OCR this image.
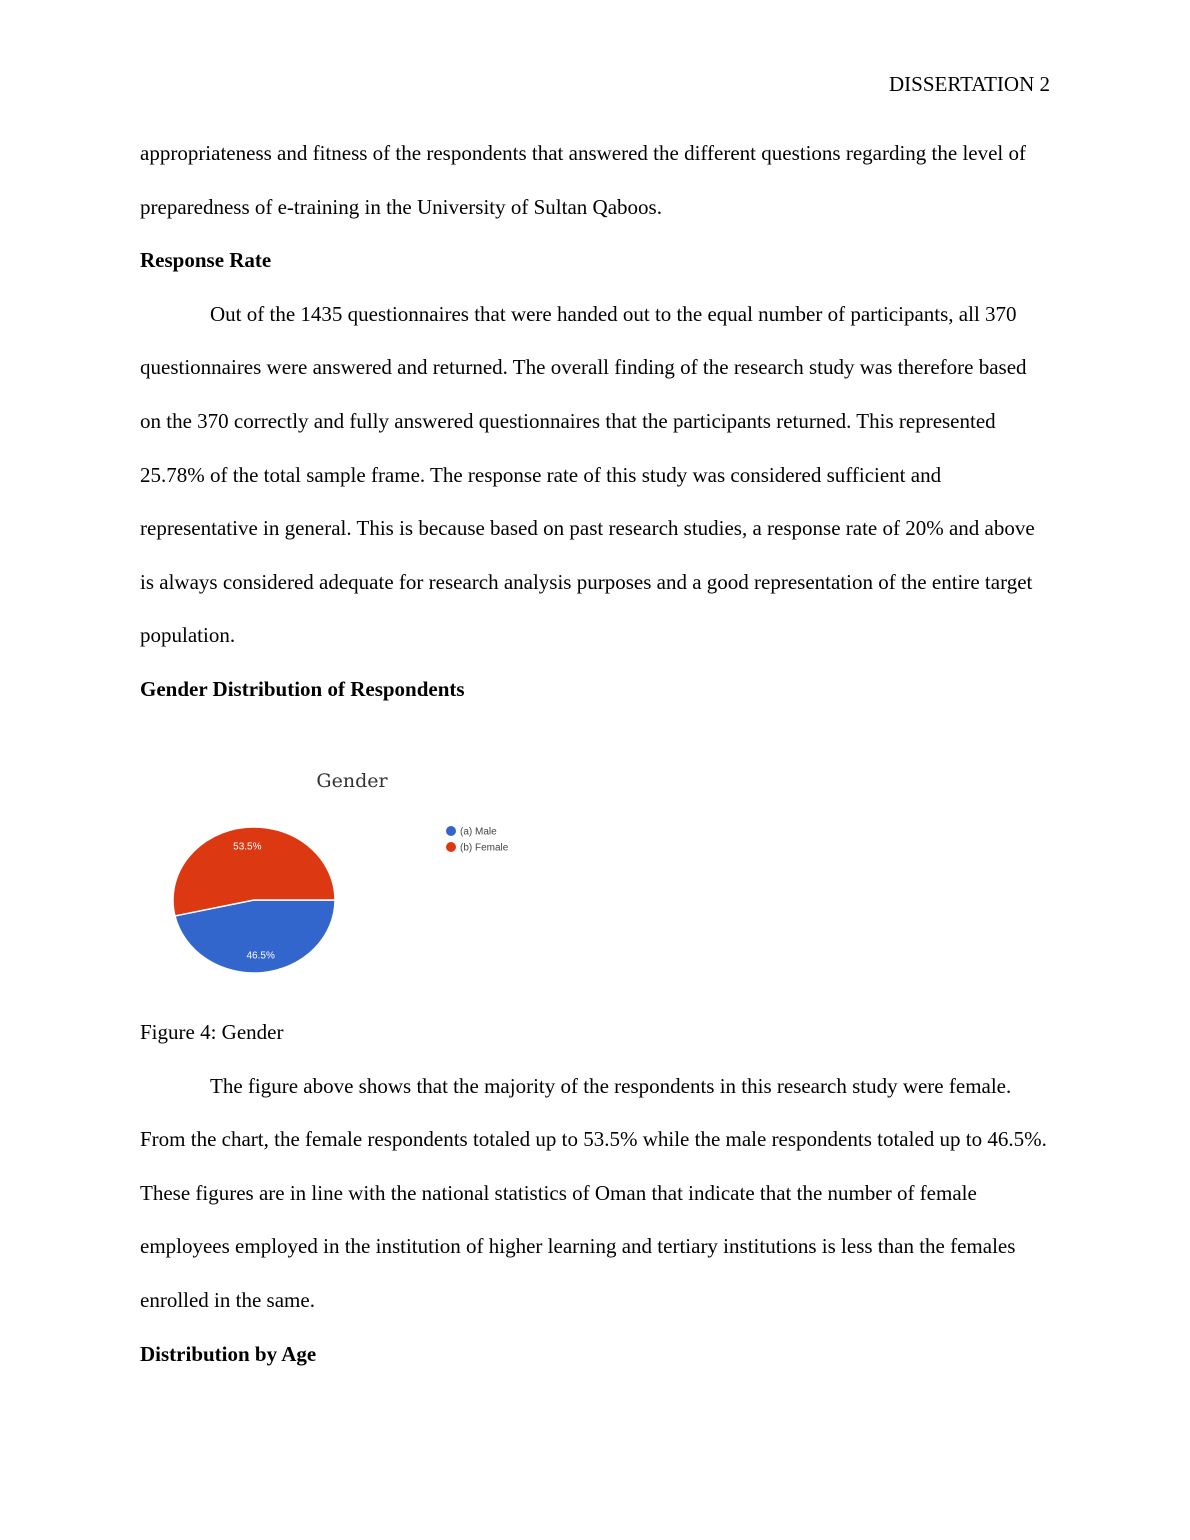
DISSERTATION 2

appropriateness and fitness of the respondents that answered the different questions regarding the level of preparedness of e-training in the University of Sultan Qaboos.

Response Rate

Out of the 1435 questionnaires that were handed out to the equal number of participants, all 370 questionnaires were answered and returned. The overall finding of the research study was therefore based on the 370 correctly and fully answered questionnaires that the participants returned. This represented 25.78% of the total sample frame. The response rate of this study was considered sufficient and representative in general. This is because based on past research studies, a response rate of 20% and above is always considered adequate for research analysis purposes and a good representation of the entire target population.

Gender Distribution of Respondents

Gender
46.5%
53.5%
(a) Male
(b) Female

Figure 4: Gender

The figure above shows that the majority of the respondents in this research study were female. From the chart, the female respondents totaled up to 53.5% while the male respondents totaled up to 46.5%. These figures are in line with the national statistics of Oman that indicate that the number of female employees employed in the institution of higher learning and tertiary institutions is less than the females enrolled in the same.

Distribution by Age
